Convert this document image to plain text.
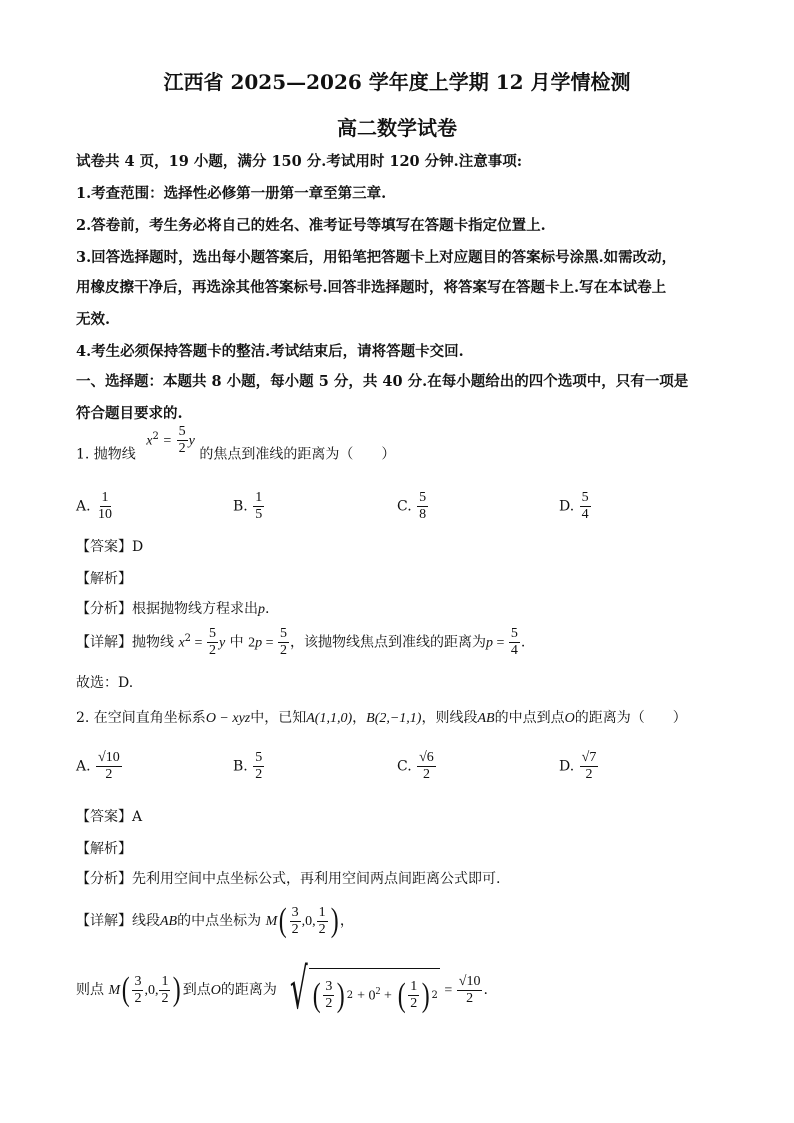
江西省 2025—2026 学年度上学期 12 月学情检测
高二数学试卷
试卷共 4 页，19 小题，满分 150 分.考试用时 120 分钟.注意事项:
1.考查范围：选择性必修第一册第一章至第三章.
2.答卷前，考生务必将自己的姓名、准考证号等填写在答题卡指定位置上.
3.回答选择题时，选出每小题答案后，用铅笔把答题卡上对应题目的答案标号涂黑.如需改动，
用橡皮擦干净后，再选涂其他答案标号.回答非选择题时，将答案写在答题卡上.写在本试卷上
无效.
4.考生必须保持答题卡的整洁.考试结束后，请将答题卡交回.
一、选择题：本题共 8 小题，每小题 5 分，共 40 分.在每小题给出的四个选项中，只有一项是
符合题目要求的.
1. 抛物线 $x^2 = \frac{5}{2}$ y 的焦点到准线的距离为（　　）
A. $\frac{1}{10}$	B. $\frac{1}{5}$	C. $\frac{5}{8}$	D. $\frac{5}{4}$
【答案】D
【解析】
【分析】根据抛物线方程求出p.
【详解】抛物线 $x^2 = \frac{5}{2}$ y 中 $2p = \frac{5}{2}$ ，该抛物线焦点到准线的距离为$p = \frac{5}{4}$ .
故选：D.
2. 在空间直角坐标系O − xyz中，已知A(1,1,0)，B(2,−1,1)，则线段AB的中点到点O的距离为（　　）
A. $\frac{√10}{2}$	B. $\frac{5}{2}$	C. $\frac{√6}{2}$	D. $\frac{√7}{2}$
【答案】A
【解析】
【分析】先利用空间中点坐标公式，再利用空间两点间距离公式即可.
【详解】线段AB的中点坐标为 $M( \frac{3}{2} ,0$, $\frac{1}{2}$ ) ，
则点 $M( \frac{3}{2} ,0$, $\frac{1}{2}$ ) 到点O的距离为 √ ( $\frac{3}{2}$ ) $2 + 0^2$ + ( $\frac{1}{2}$ ) $2 = \frac{√10}{2}$ .
